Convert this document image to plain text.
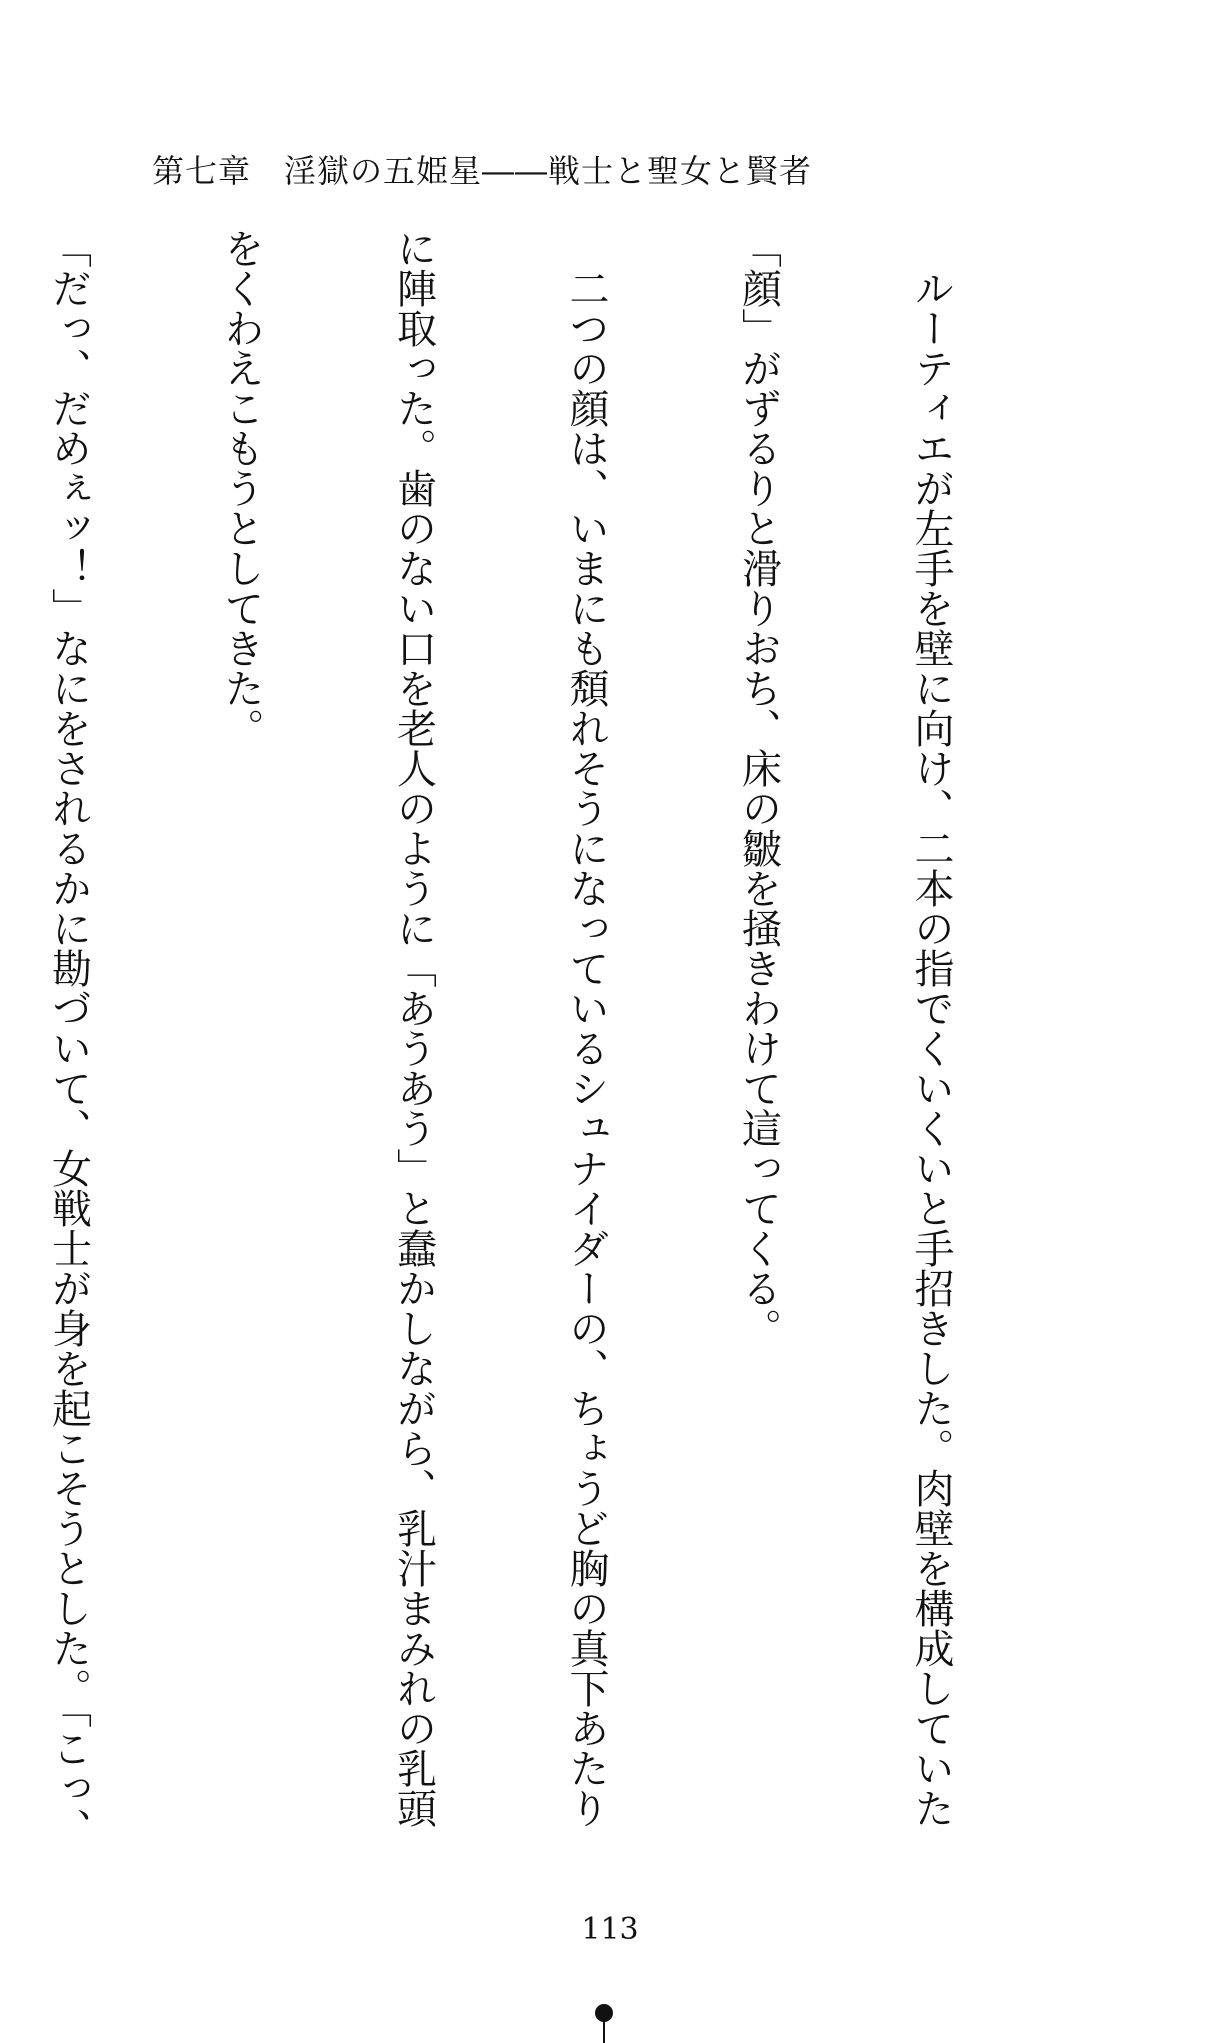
第七章　淫獄の五姫星――戦士と聖女と賢者

　ルーティエが左手を壁に向け、二本の指でくいくいと手招きした。肉壁を構成していた

「顔」がずるりと滑りおち、床の皺を掻きわけて這ってくる。

　二つの顔は、いまにも頽れそうになっているシュナイダーの、ちょうど胸の真下あたり

に陣取った。歯のない口を老人のように「あうあう」と蠢かしながら、乳汁まみれの乳頭

をくわえこもうとしてきた。

「だっ、だめぇッ！」なにをされるかに勘づいて、女戦士が身を起こそうとした。「こっ、

113
